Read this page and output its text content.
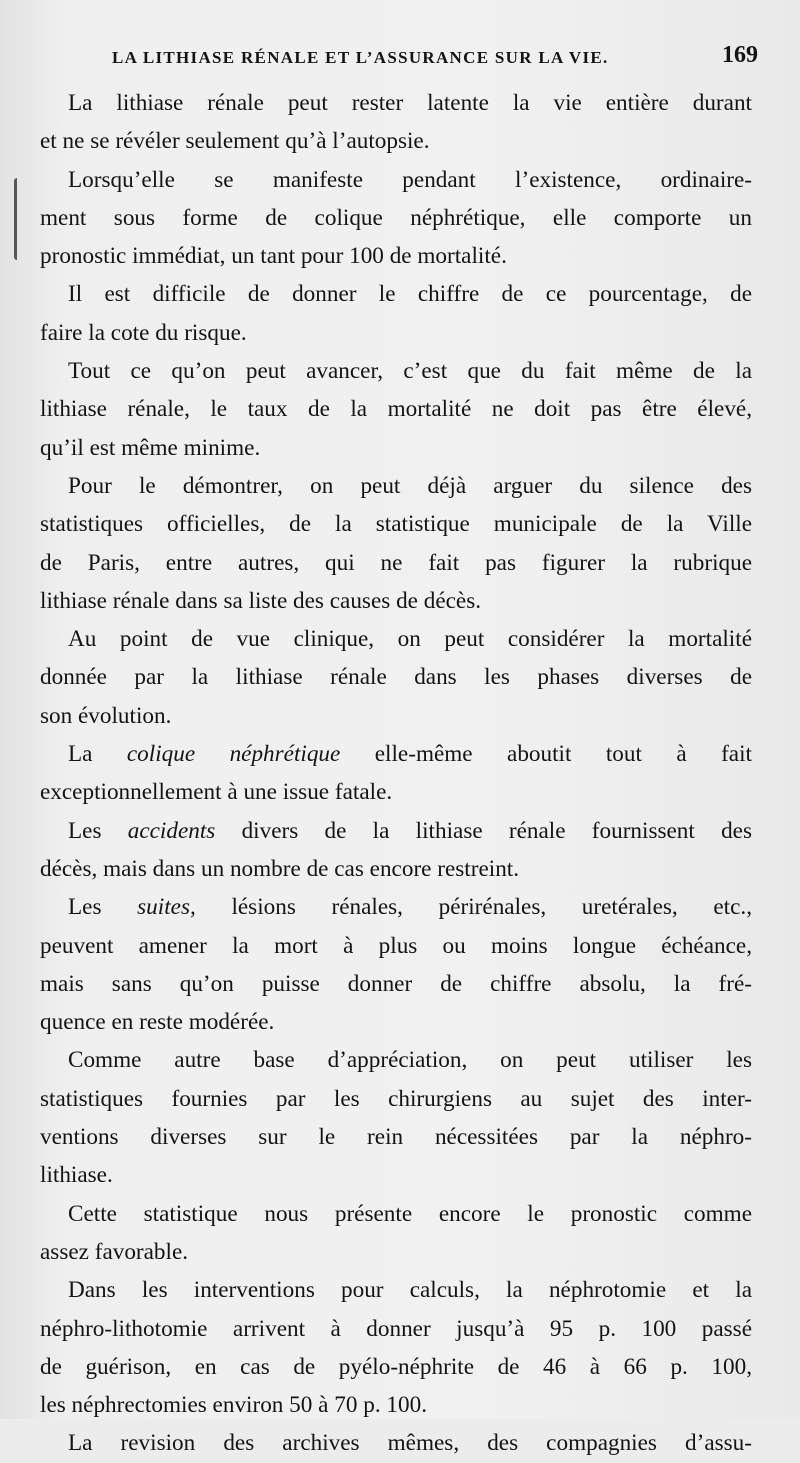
LA LITHIASE RÉNALE ET L’ASSURANCE SUR LA VIE.	169

La lithiase rénale peut rester latente la vie entière durant
et ne se révéler seulement qu’à l’autopsie.

Lorsqu’elle se manifeste pendant l’existence, ordinaire-
ment sous forme de colique néphrétique, elle comporte un
pronostic immédiat, un tant pour 100 de mortalité.

Il est difficile de donner le chiffre de ce pourcentage, de
faire la cote du risque.

Tout ce qu’on peut avancer, c’est que du fait même de la
lithiase rénale, le taux de la mortalité ne doit pas être élevé,
qu’il est même minime.

Pour le démontrer, on peut déjà arguer du silence des
statistiques officielles, de la statistique municipale de la Ville
de Paris, entre autres, qui ne fait pas figurer la rubrique
lithiase rénale dans sa liste des causes de décès.

Au point de vue clinique, on peut considérer la mortalité
donnée par la lithiase rénale dans les phases diverses de
son évolution.

La colique néphrétique elle-même aboutit tout à fait
exceptionnellement à une issue fatale.

Les accidents divers de la lithiase rénale fournissent des
décès, mais dans un nombre de cas encore restreint.

Les suites, lésions rénales, périrénales, uretérales, etc.,
peuvent amener la mort à plus ou moins longue échéance,
mais sans qu’on puisse donner de chiffre absolu, la fré-
quence en reste modérée.

Comme autre base d’appréciation, on peut utiliser les
statistiques fournies par les chirurgiens au sujet des inter-
ventions diverses sur le rein nécessitées par la néphro-
lithiase.

Cette statistique nous présente encore le pronostic comme
assez favorable.

Dans les interventions pour calculs, la néphrotomie et la
néphro-lithotomie arrivent à donner jusqu’à 95 p. 100 passé
de guérison, en cas de pyélo-néphrite de 46 à 66 p. 100,
les néphrectomies environ 50 à 70 p. 100.

La revision des archives mêmes, des compagnies d’assu-
